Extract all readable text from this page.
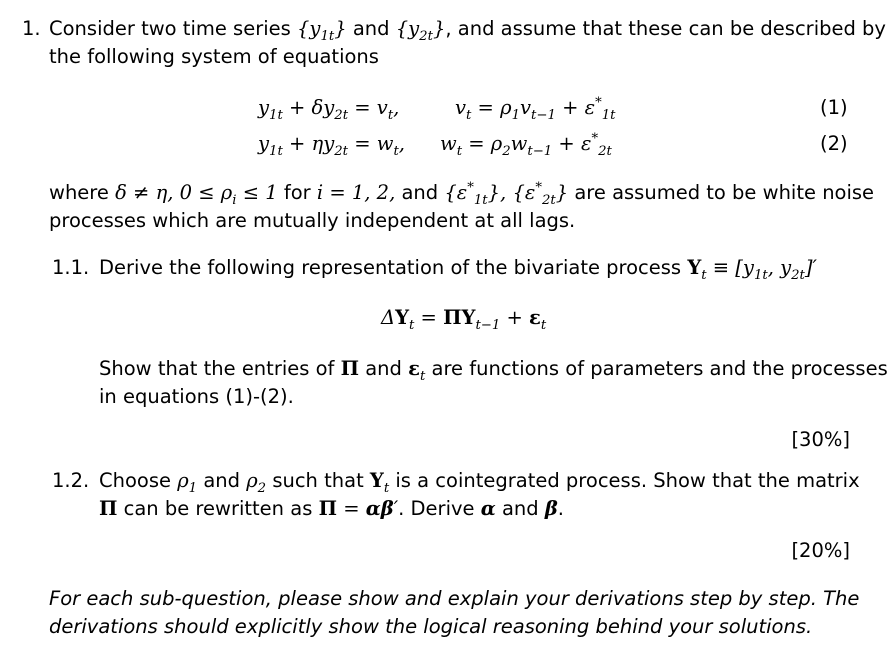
1. Consider two time series $\{y_{1t}\}$ and $\{y_{2t}\}$, and assume that these can be described by
the following system of equations
$y_{1t} + \delta y_{2t} = v_t$,	$v_t = \rho_1v_{t-1} + \varepsilon^*_{1t}$	(1)
$y_{1t} + \eta y_{2t} = w_t$, $w_t = \rho_2w_{t-1} + \varepsilon^*_{2t}$	(2)
where δ ≠ η, $0 \le \rho_i \le 1$ for i = 1, 2, and $\{\varepsilon^*_{1t}\}$, $\{\varepsilon^*_{2t}\}$ are assumed to be white noise
processes which are mutually independent at all lags.
1.1. Derive the following representation of the bivariate process $Y_t \equiv [y_{1t}$, $y_{2t}]'$
$\Delta Y_t = \Pi Y_{t-1} + \varepsilon_t$
Show that the entries of Π and $\varepsilon_t$ are functions of parameters and the processes
in equations (1)-(2).
[30%]
1.2. Choose $\rho_1$ and $\rho_2$ such that $Y_t$ is a cointegrated process. Show that the matrix
Π can be rewritten as Π = αβ′. Derive α and β.
[20%]
For each sub-question, please show and explain your derivations step by step. The
derivations should explicitly show the logical reasoning behind your solutions.
